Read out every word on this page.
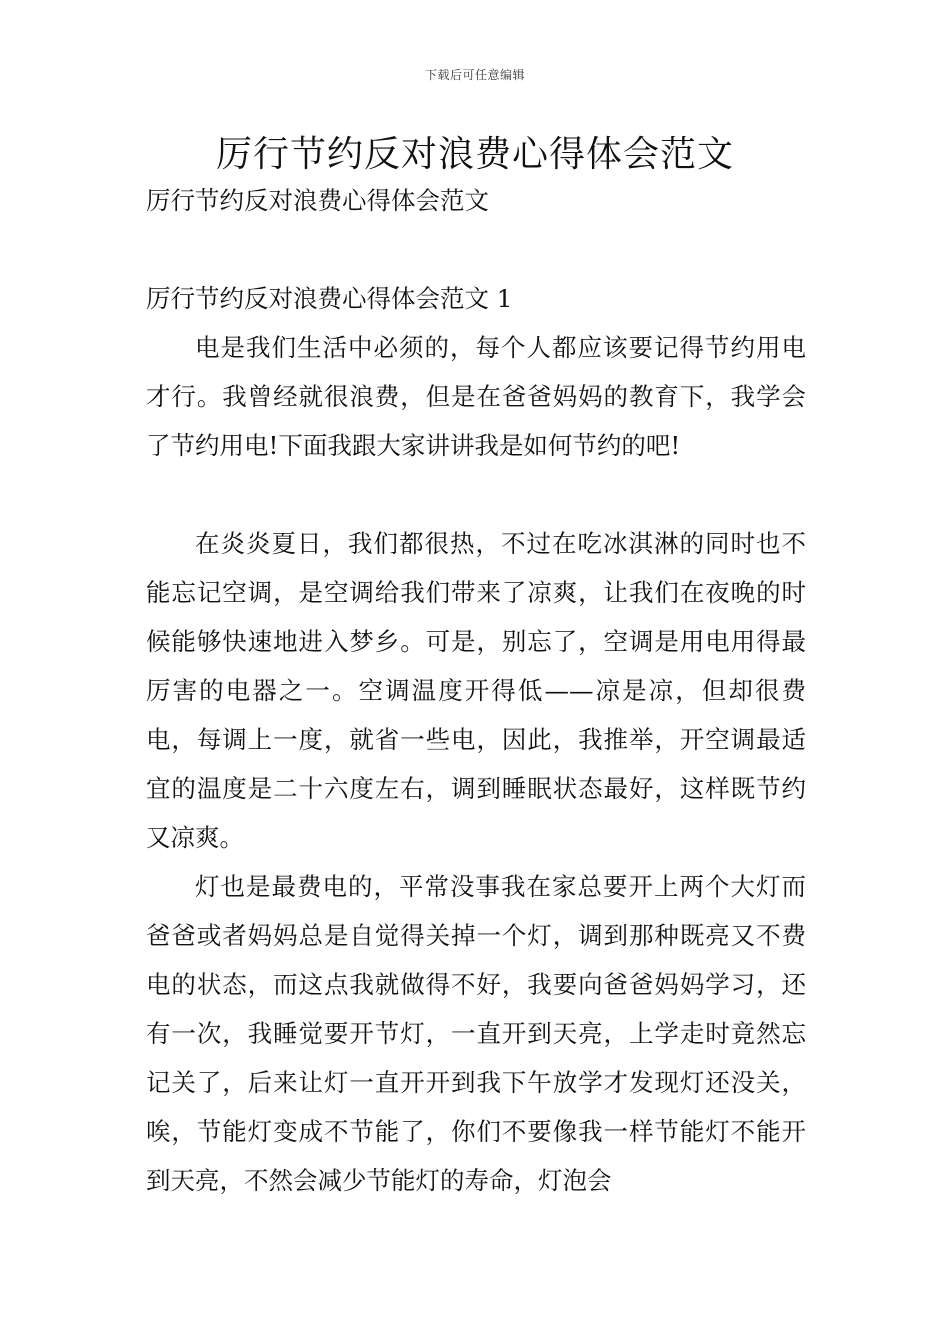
下载后可任意编辑
厉行节约反对浪费心得体会范文

厉行节约反对浪费心得体会范文

厉行节约反对浪费心得体会范文 1

电是我们生活中必须的，每个人都应该要记得节约用电才行。我曾经就很浪费，但是在爸爸妈妈的教育下，我学会了节约用电!下面我跟大家讲讲我是如何节约的吧!

在炎炎夏日，我们都很热，不过在吃冰淇淋的同时也不能忘记空调，是空调给我们带来了凉爽，让我们在夜晚的时候能够快速地进入梦乡。可是，别忘了，空调是用电用得最厉害的电器之一。空调温度开得低——凉是凉，但却很费电，每调上一度，就省一些电，因此，我推举，开空调最适宜的温度是二十六度左右，调到睡眠状态最好，这样既节约又凉爽。

灯也是最费电的，平常没事我在家总要开上两个大灯而爸爸或者妈妈总是自觉得关掉一个灯，调到那种既亮又不费电的状态，而这点我就做得不好，我要向爸爸妈妈学习，还有一次，我睡觉要开节灯，一直开到天亮，上学走时竟然忘记关了，后来让灯一直开开到我下午放学才发现灯还没关，唉，节能灯变成不节能了，你们不要像我一样节能灯不能开到天亮，不然会减少节能灯的寿命，灯泡会
